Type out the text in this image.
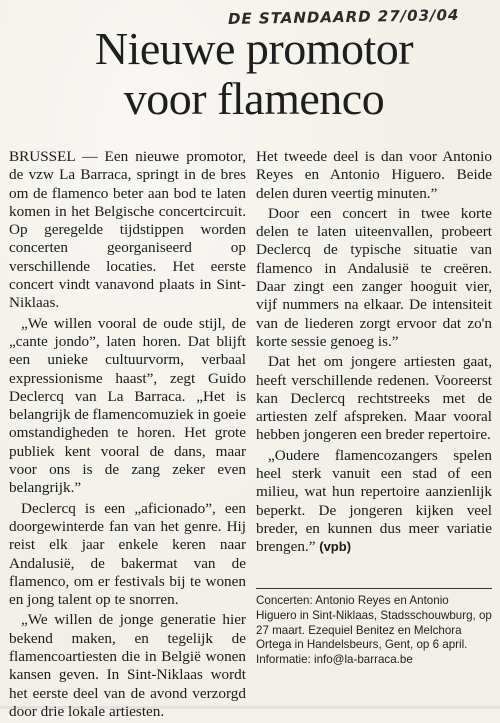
DE STANDAARD 27/03/04
Nieuwe promotor
voor flamenco

BRUSSEL — Een nieuwe promotor, de vzw La Barraca, springt in de bres om de flamenco beter aan bod te laten komen in het Belgische concertcircuit. Op geregelde tijdstippen worden concerten georganiseerd op verschillende locaties. Het eerste concert vindt vanavond plaats in Sint-Niklaas.

„We willen vooral de oude stijl, de „cante jondo”, laten horen. Dat blijft een unieke cultuurvorm, verbaal expressionisme haast”, zegt Guido Declercq van La Barraca. „Het is belangrijk de flamencomuziek in goeie omstandigheden te horen. Het grote publiek kent vooral de dans, maar voor ons is de zang zeker even belangrijk.”

Declercq is een „aficionado”, een doorgewinterde fan van het genre. Hij reist elk jaar enkele keren naar Andalusië, de bakermat van de flamenco, om er festivals bij te wonen en jong talent op te snorren.

„We willen de jonge generatie hier bekend maken, en tegelijk de flamencoartiesten die in België wonen kansen geven. In Sint-Niklaas wordt het eerste deel van de avond verzorgd door drie lokale artiesten.

Het tweede deel is dan voor Antonio Reyes en Antonio Higuero. Beide delen duren veertig minuten.”

Door een concert in twee korte delen te laten uiteenvallen, probeert Declercq de typische situatie van flamenco in Andalusië te creëren. Daar zingt een zanger hooguit vier, vijf nummers na elkaar. De intensiteit van de liederen zorgt ervoor dat zo'n korte sessie genoeg is.”

Dat het om jongere artiesten gaat, heeft verschillende redenen. Vooreerst kan Declercq rechtstreeks met de artiesten zelf afspreken. Maar vooral hebben jongeren een breder repertoire.

„Oudere flamencozangers spelen heel sterk vanuit een stad of een milieu, wat hun repertoire aanzienlijk beperkt. De jongeren kijken veel breder, en kunnen dus meer variatie brengen.” (vpb)

Concerten: Antonio Reyes en Antonio Higuero in Sint-Niklaas, Stadsschouwburg, op 27 maart. Ezequiel Benitez en Melchora Ortega in Handelsbeurs, Gent, op 6 april. Informatie: info@la-barraca.be
